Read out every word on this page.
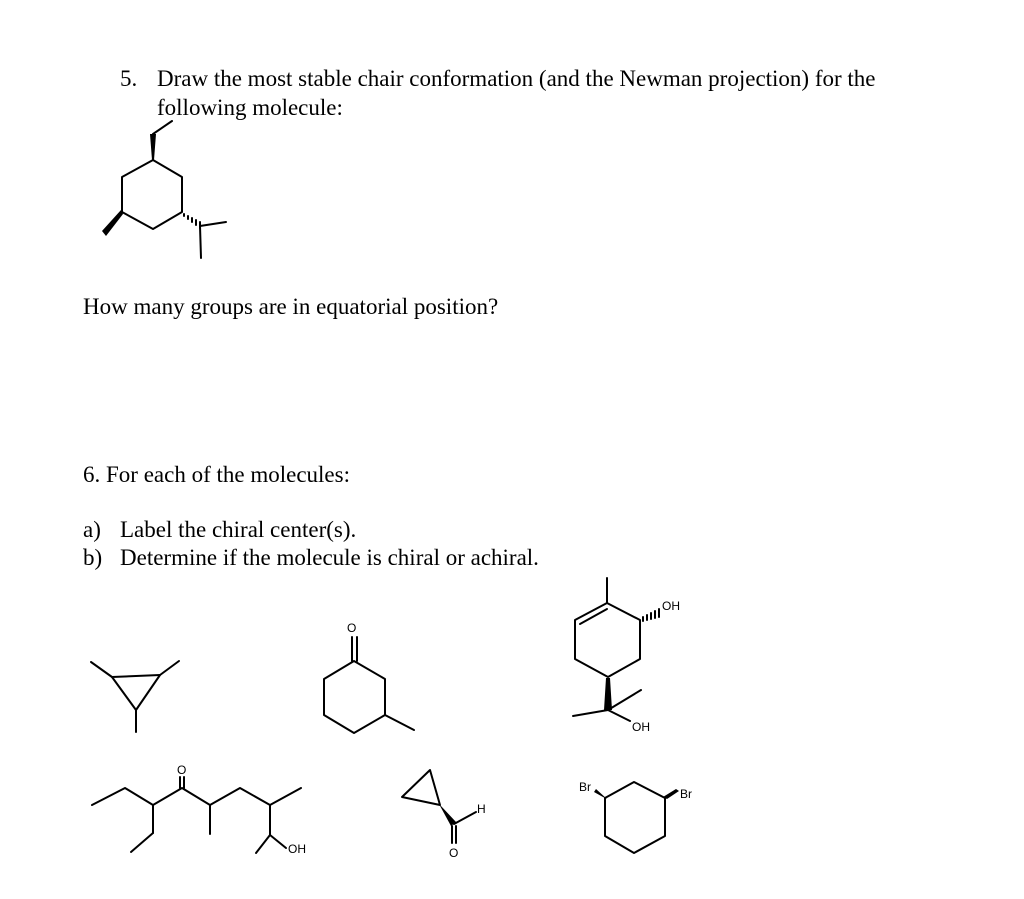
5. Draw the most stable chair conformation (and the Newman projection) for the
following molecule:
How many groups are in equatorial position?
6. For each of the molecules:
a) Label the chiral center(s).
b) Determine if the molecule is chiral or achiral.
O
OH
OH
O
OH
H
O
Br	Br
